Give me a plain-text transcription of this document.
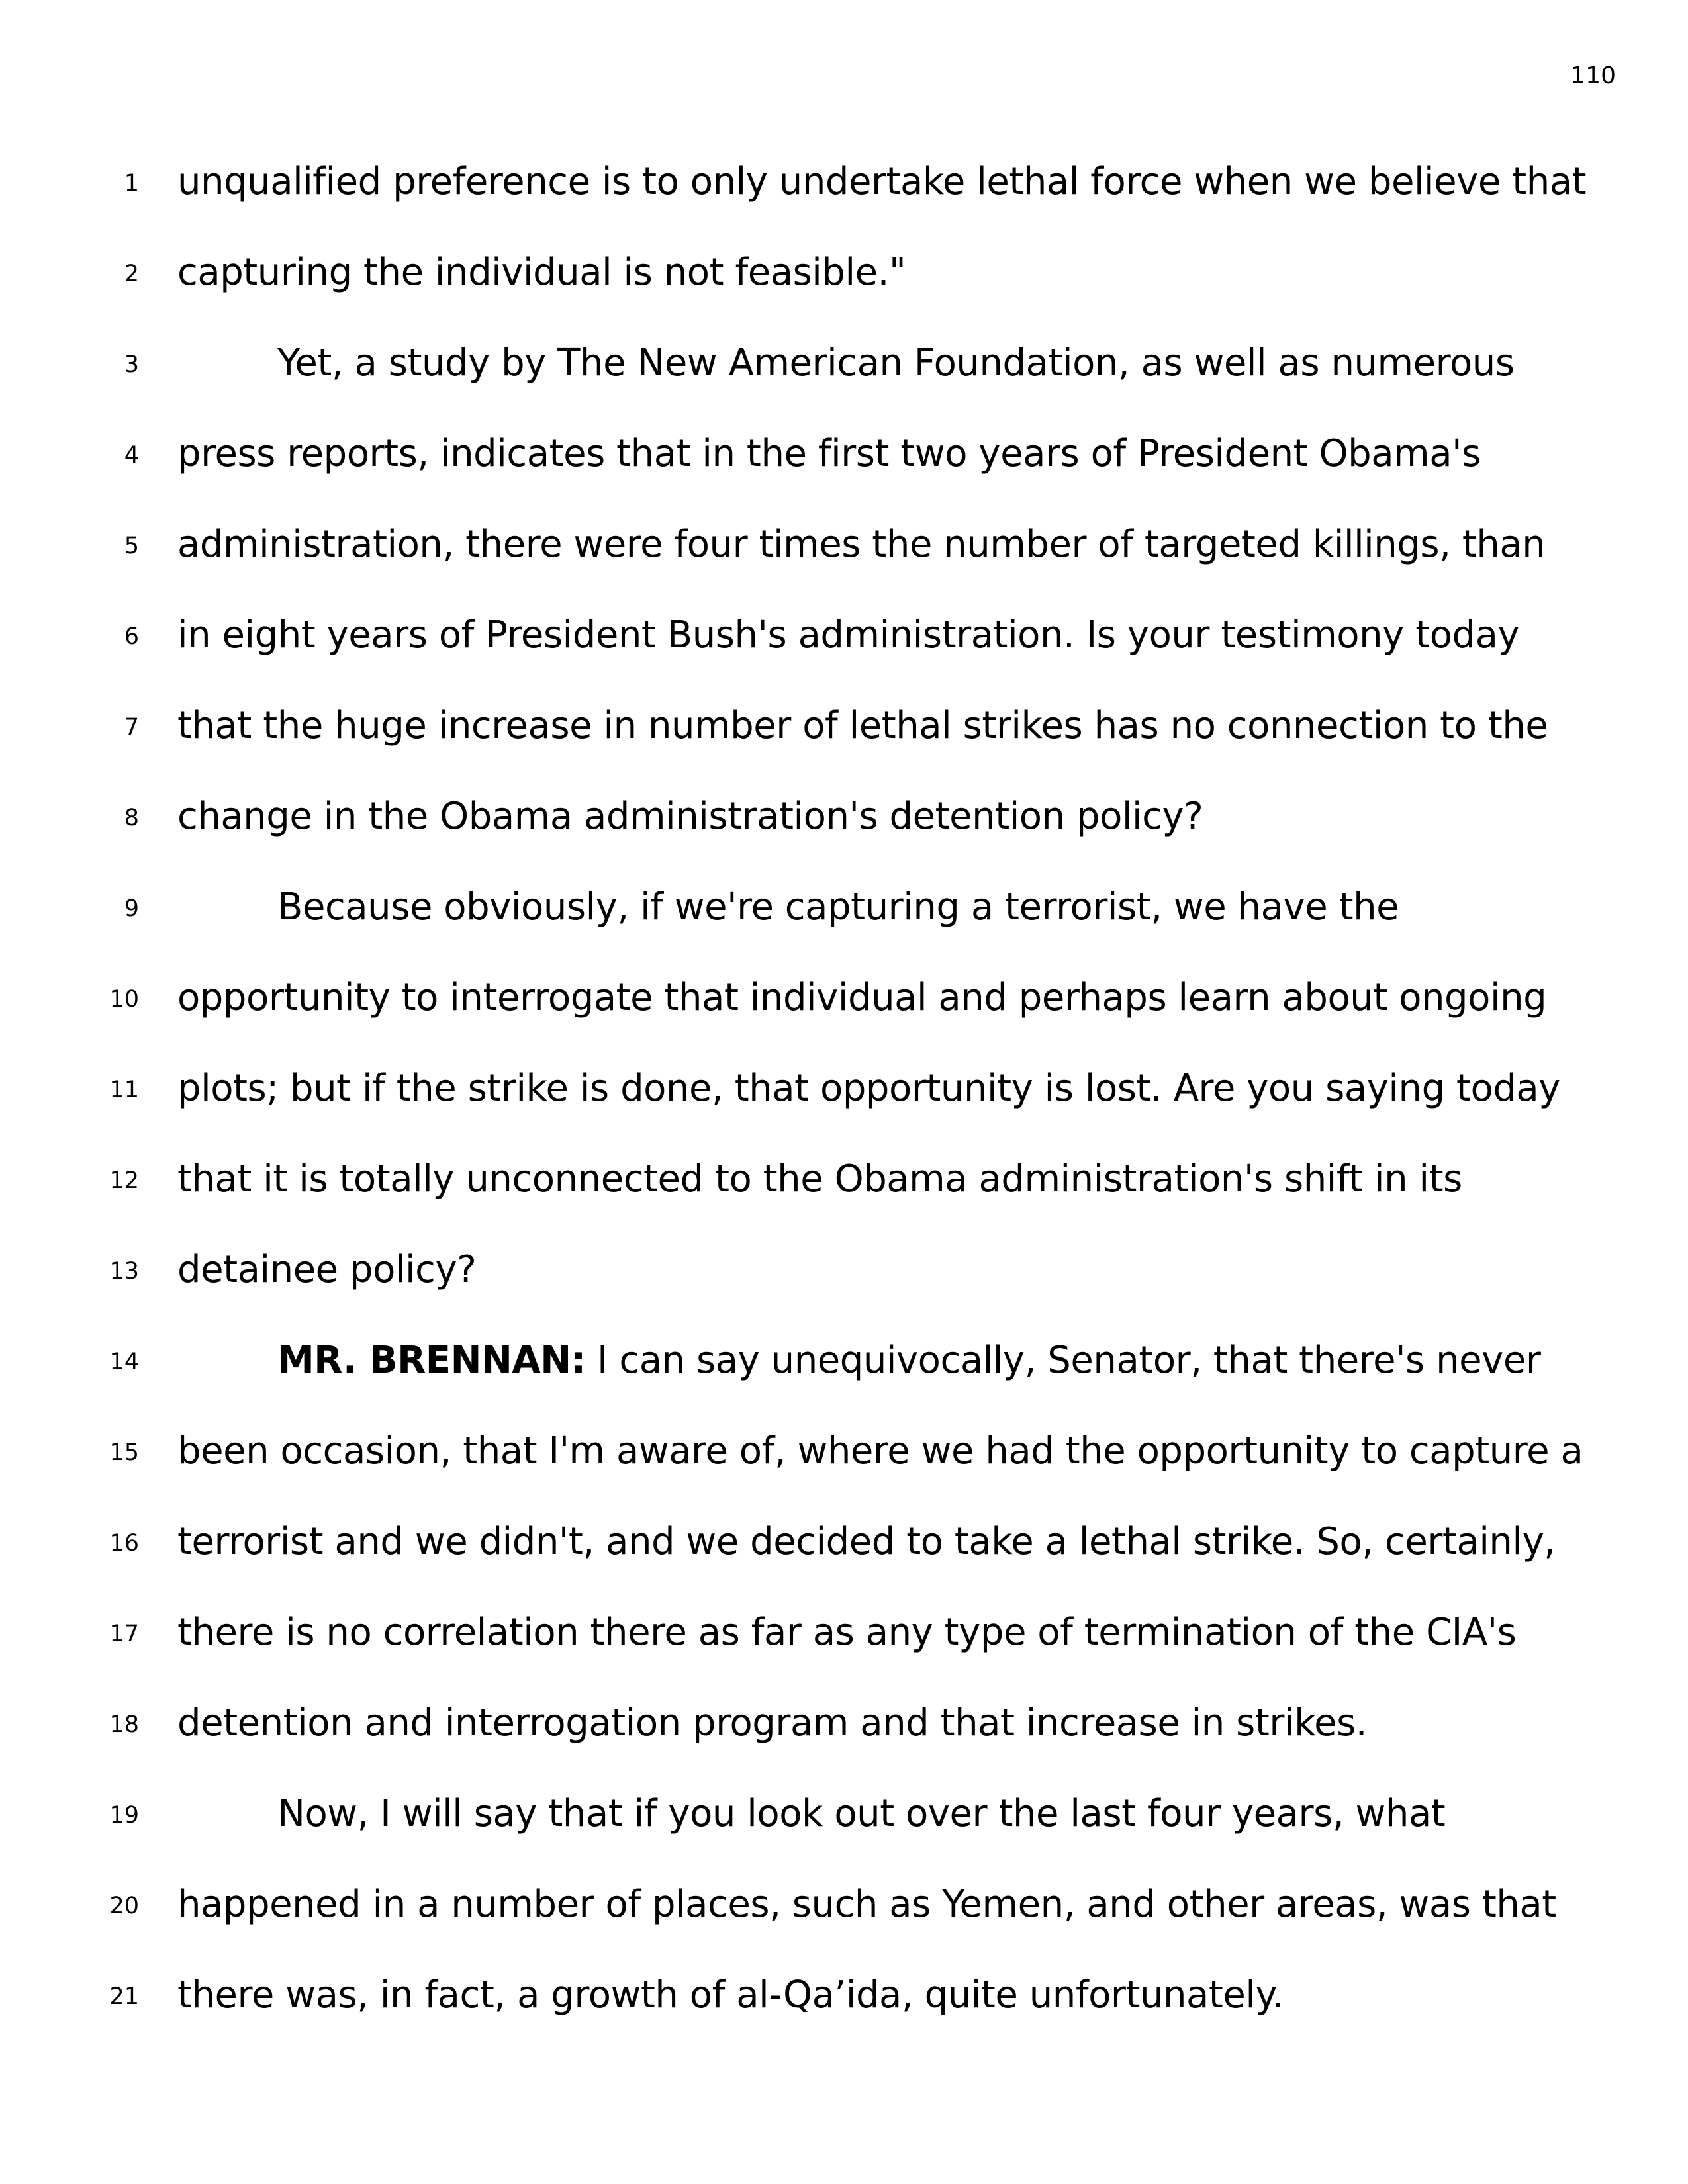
110
1 unqualified preference is to only undertake lethal force when we believe that
2 capturing the individual is not feasible."
3	Yet, a study by The New American Foundation, as well as numerous
4 press reports, indicates that in the first two years of President Obama's
5 administration, there were four times the number of targeted killings, than
6 in eight years of President Bush's administration. Is your testimony today
7 that the huge increase in number of lethal strikes has no connection to the
8 change in the Obama administration's detention policy?
9	Because obviously, if we're capturing a terrorist, we have the
10 opportunity to interrogate that individual and perhaps learn about ongoing
11 plots; but if the strike is done, that opportunity is lost. Are you saying today
12 that it is totally unconnected to the Obama administration's shift in its
13 detainee policy?
14	MR. BRENNAN: I can say unequivocally, Senator, that there's never
15 been occasion, that I'm aware of, where we had the opportunity to capture a
16 terrorist and we didn't, and we decided to take a lethal strike. So, certainly,
17 there is no correlation there as far as any type of termination of the CIA's
18 detention and interrogation program and that increase in strikes.
19	Now, I will say that if you look out over the last four years, what
20 happened in a number of places, such as Yemen, and other areas, was that
21 there was, in fact, a growth of al-Qa’ida, quite unfortunately.
